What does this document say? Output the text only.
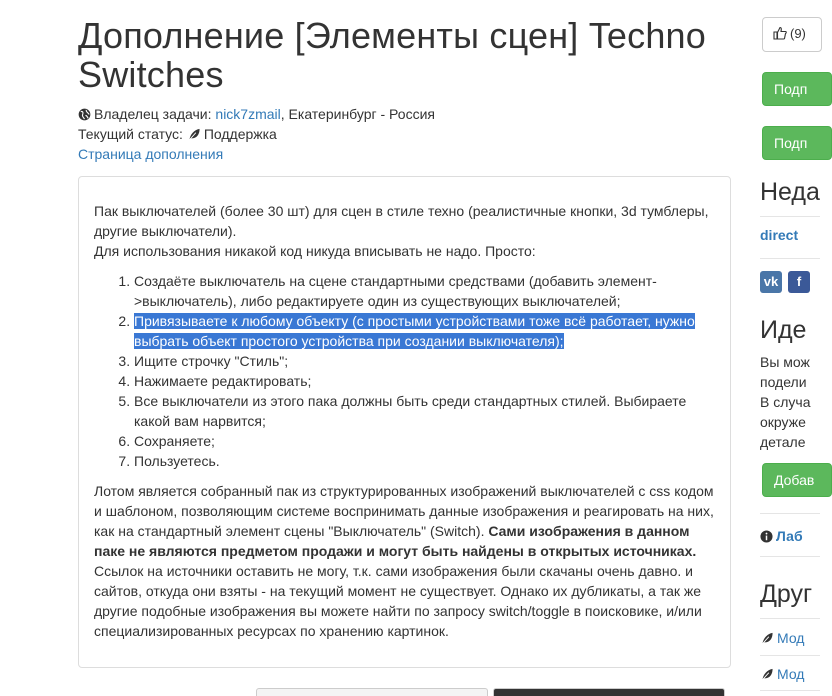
Дополнение [Элементы сцен] Techno Switches
Владелец задачи: nick7zmail, Екатеринбург - Россия
Текущий статус: Поддержка
Страница дополнения

Пак выключателей (более 30 шт) для сцен в стиле техно (реалистичные кнопки, 3d тумблеры, другие выключатели).

Для использования никакой код никуда вписывать не надо. Просто:

1. Создаёте выключатель на сцене стандартными средствами (добавить элемент->выключатель), либо редактируете один из существующих выключателей;
2. Привязываете к любому объекту (с простыми устройствами тоже всё работает, нужно выбрать объект простого устройства при создании выключателя);
3. Ищите строчку "Стиль";
4. Нажимаете редактировать;
5. Все выключатели из этого пака должны быть среди стандартных стилей. Выбираете какой вам нарвится;
6. Сохраняете;
7. Пользуетесь.

Лотом является собранный пак из структурированных изображений выключателей с css кодом и шаблоном, позволяющим системе воспринимать данные изображения и реагировать на них, как на стандартный элемент сцены "Выключатель" (Switch). Сами изображения в данном паке не являются предметом продажи и могут быть найдены в открытых источниках. Ссылок на источники оставить не могу, т.к. сами изображения были скачаны очень давно. и сайтов, откуда они взяты - на текущий момент не существует. Однако их дубликаты, а так же другие подобные изображения вы можете найти по запросу switch/toggle в поисковике, и/или специализированных ресурсах по хранению картинок.

(9)
Подп
Подп
Неда
direct
vk	f
Иде
Вы мож
подели
В случа
окруже
детале
Добав
Лаб
Друг
Мод
Мод
